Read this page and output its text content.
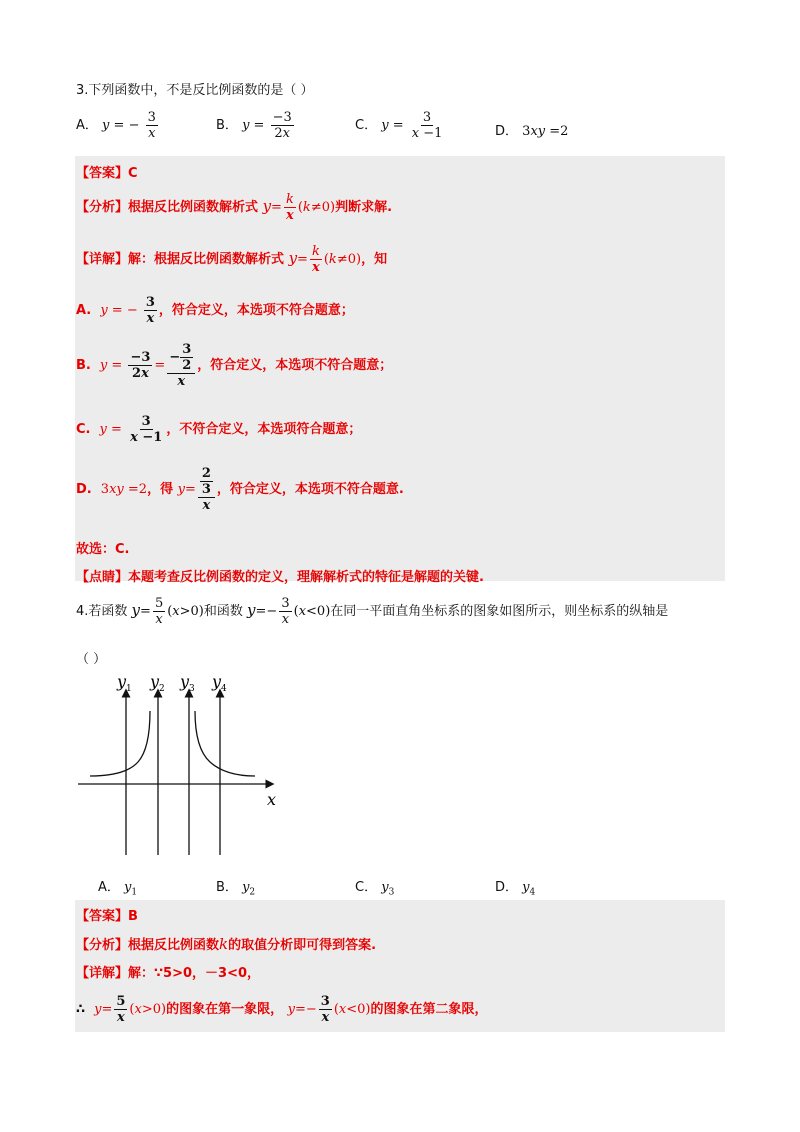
3.下列函数中，不是反比例函数的是（ ）
A． y = − $\frac{3}{x}$	B． $y = \frac{-3}{2x}$	C． $y = \frac{3}{x -1}$	D． 3xy =2
【答案】C
【分析】根据反比例函数解析式 $y= \frac{k}{x} (k\ne 0)$判断求解.
【详解】解：根据反比例函数解析式 $y= \frac{k}{x} (k\ne 0)$，知
A. y = − $\frac{3}{x}$ ，符合定义，本选项不符合题意；
B. $y = \frac{-3}{2x} = \frac{- \frac{3}{2}}{x}$ ，符合定义，本选项不符合题意；
C. $y = \frac{3}{x -1}$ ，不符合定义，本选项符合题意；
D. 3xy =2，得 $y= \frac{\frac{2}{3}}{x}$ ，符合定义，本选项不符合题意.
故选：C.
【点睛】本题考查反比例函数的定义，理解解析式的特征是解题的关键.
4.若函数 $y= \frac{5}{x} (x>0)$和函数 $y=- \frac{3}{x} (x<0)$在同一平面直角坐标系的图象如图所示，则坐标系的纵轴是
（ ）
$y_1$ $y_2$ $y_3$ $y_4$
x
A． $y_1$	B． $y_2$	C． $y_3$	D． $y_4$
【答案】B
【分析】根据反比例函数k的取值分析即可得到答案.
【详解】解：∵5>0，－3<0，
∴ $y= \frac{5}{x} (x>0)$的图象在第一象限， $y=- \frac{3}{x} (x<0)$的图象在第二象限，
